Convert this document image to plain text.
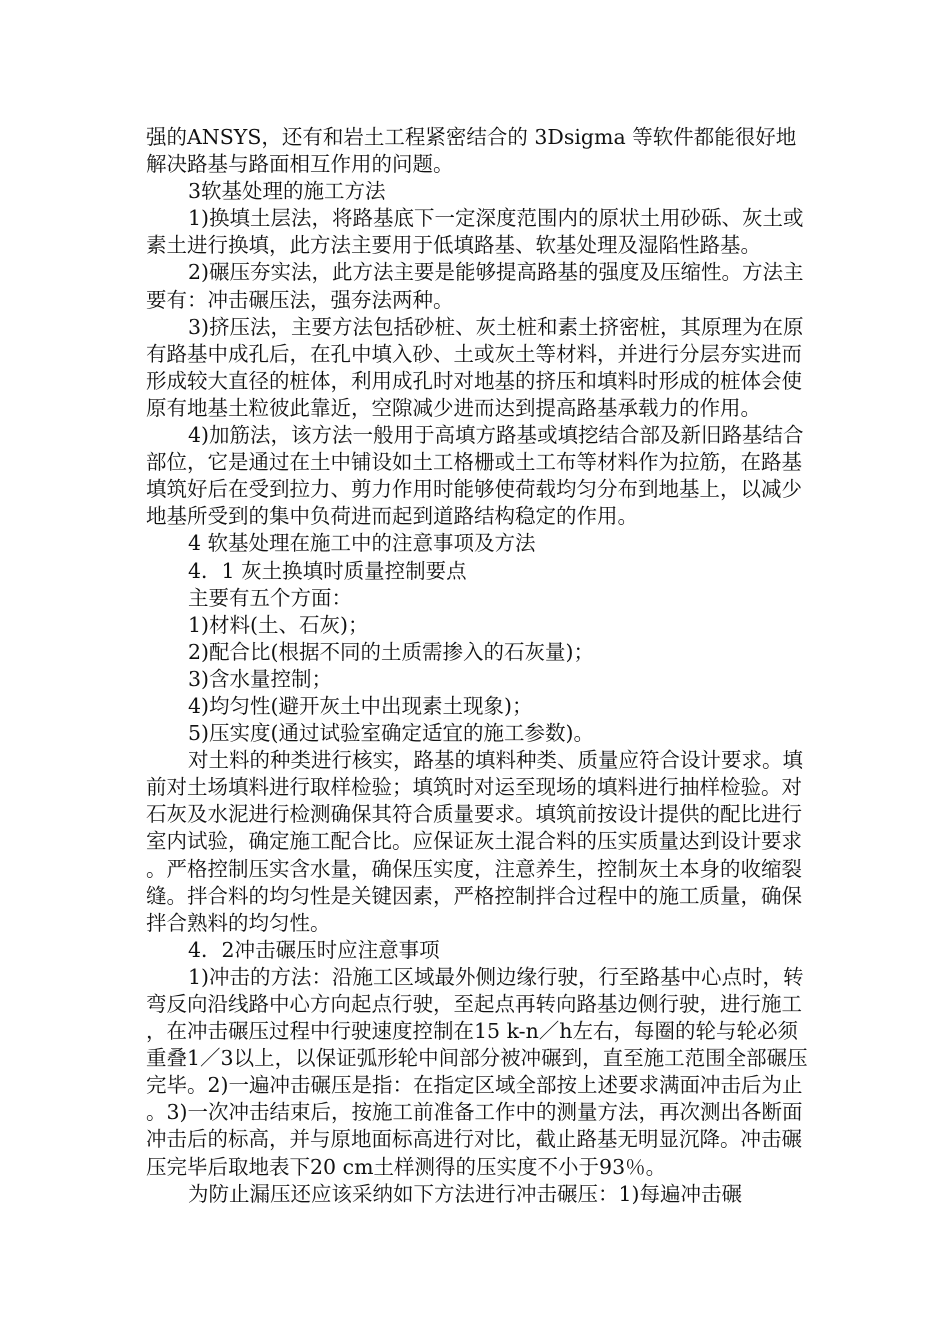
强的ANSYS，还有和岩土工程紧密结合的 3Dsigma 等软件都能很好地解决路基与路面相互作用的问题。

3软基处理的施工方法

1)换填土层法，将路基底下一定深度范围内的原状土用砂砾、灰土或素土进行换填，此方法主要用于低填路基、软基处理及湿陷性路基。

2)碾压夯实法，此方法主要是能够提高路基的强度及压缩性。方法主要有：冲击碾压法，强夯法两种。

3)挤压法，主要方法包括砂桩、灰土桩和素土挤密桩，其原理为在原有路基中成孔后，在孔中填入砂、土或灰土等材料，并进行分层夯实进而形成较大直径的桩体，利用成孔时对地基的挤压和填料时形成的桩体会使原有地基土粒彼此靠近，空隙减少进而达到提高路基承载力的作用。

4)加筋法，该方法一般用于高填方路基或填挖结合部及新旧路基结合部位，它是通过在土中铺设如土工格栅或土工布等材料作为拉筋，在路基填筑好后在受到拉力、剪力作用时能够使荷载均匀分布到地基上，以减少地基所受到的集中负荷进而起到道路结构稳定的作用。

4 软基处理在施工中的注意事项及方法

4．1 灰土换填时质量控制要点

主要有五个方面：

1)材料(土、石灰)；

2)配合比(根据不同的土质需掺入的石灰量)；

3)含水量控制；

4)均匀性(避开灰土中出现素土现象)；

5)压实度(通过试验室确定适宜的施工参数)。

对土料的种类进行核实，路基的填料种类、质量应符合设计要求。填前对土场填料进行取样检验；填筑时对运至现场的填料进行抽样检验。对石灰及水泥进行检测确保其符合质量要求。填筑前按设计提供的配比进行室内试验，确定施工配合比。应保证灰土混合料的压实质量达到设计要求。严格控制压实含水量，确保压实度，注意养生，控制灰土本身的收缩裂缝。拌合料的均匀性是关键因素，严格控制拌合过程中的施工质量，确保拌合熟料的均匀性。

4．2冲击碾压时应注意事项

1)冲击的方法：沿施工区域最外侧边缘行驶，行至路基中心点时，转弯反向沿线路中心方向起点行驶，至起点再转向路基边侧行驶，进行施工，在冲击碾压过程中行驶速度控制在15 k-n／h左右，每圈的轮与轮必须重叠1／3以上，以保证弧形轮中间部分被冲碾到，直至施工范围全部碾压完毕。2)一遍冲击碾压是指：在指定区域全部按上述要求满面冲击后为止。3)一次冲击结束后，按施工前准备工作中的测量方法，再次测出各断面冲击后的标高，并与原地面标高进行对比，截止路基无明显沉降。冲击碾压完毕后取地表下20 cm土样测得的压实度不小于93％。

为防止漏压还应该采纳如下方法进行冲击碾压：1)每遍冲击碾
